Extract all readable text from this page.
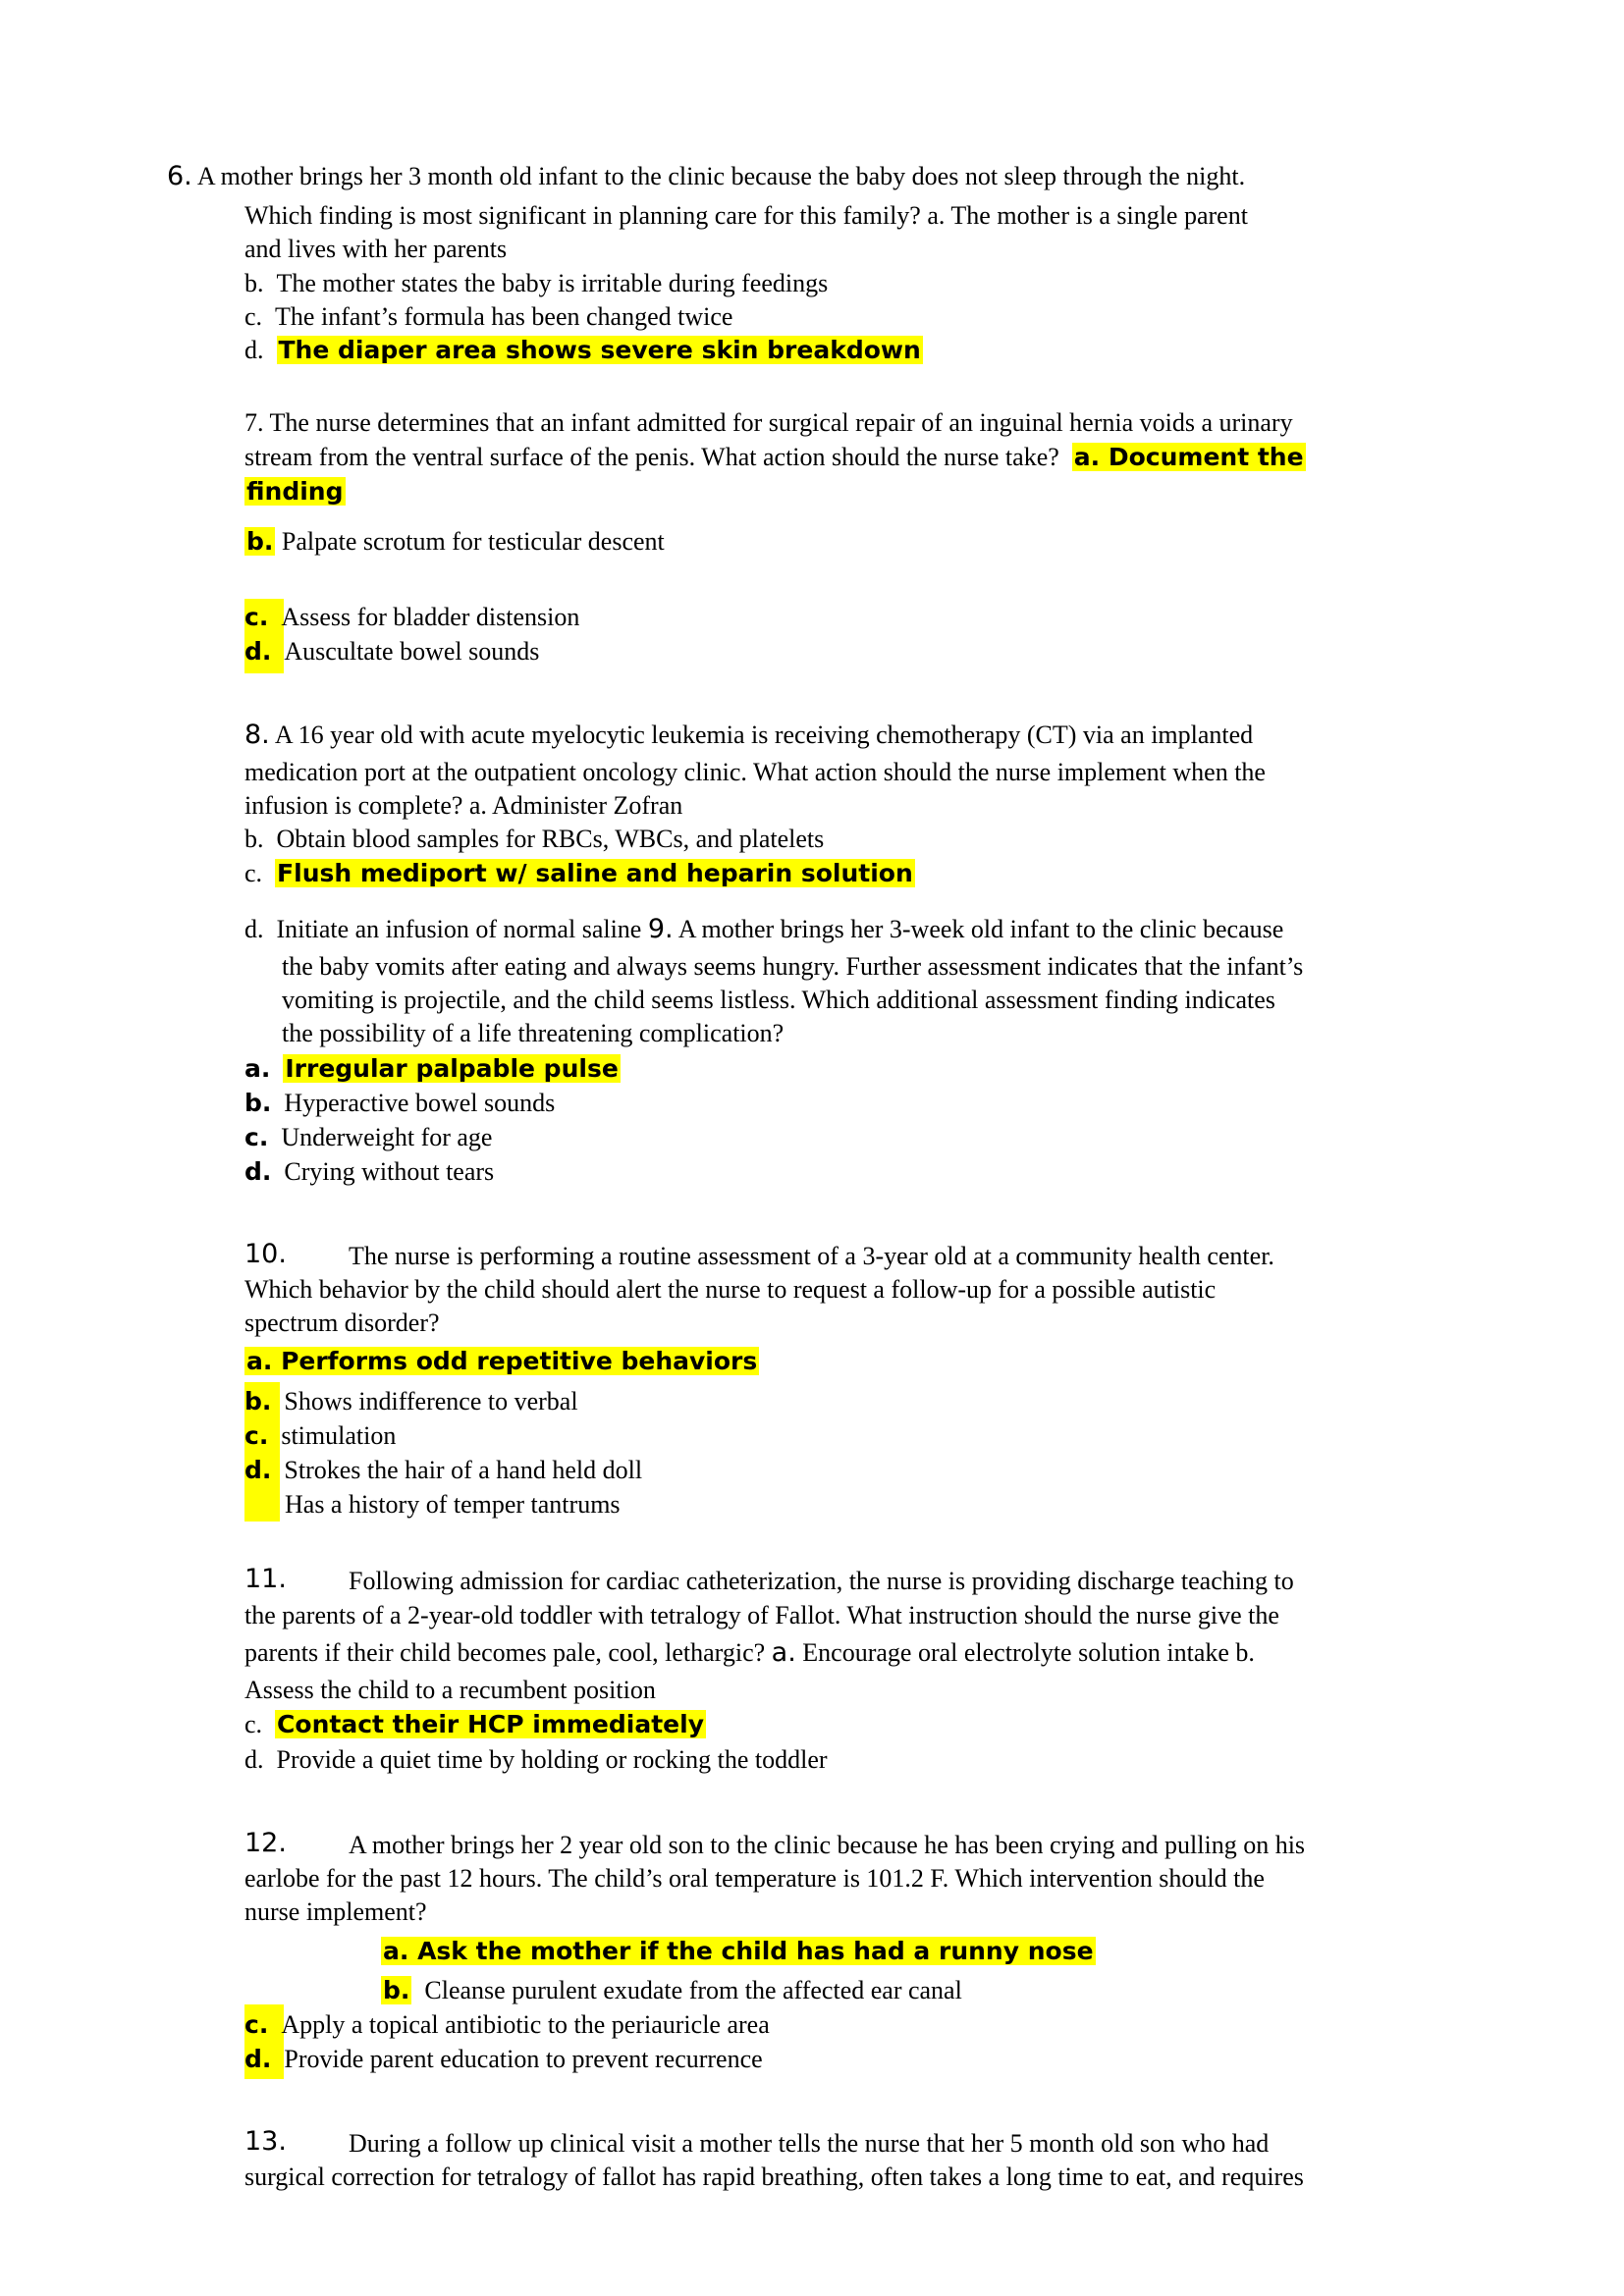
6. A mother brings her 3 month old infant to the clinic because the baby does not sleep through the night.
Which finding is most significant in planning care for this family? a. The mother is a single parent
and lives with her parents
b. The mother states the baby is irritable during feedings
c. The infant’s formula has been changed twice
d. The diaper area shows severe skin breakdown
7. The nurse determines that an infant admitted for surgical repair of an inguinal hernia voids a urinary
stream from the ventral surface of the penis. What action should the nurse take? a. Document the
finding
b. Palpate scrotum for testicular descent
c. Assess for bladder distension
d. Auscultate bowel sounds
8. A 16 year old with acute myelocytic leukemia is receiving chemotherapy (CT) via an implanted
medication port at the outpatient oncology clinic. What action should the nurse implement when the
infusion is complete? a. Administer Zofran
b. Obtain blood samples for RBCs, WBCs, and platelets
c. Flush mediport w/ saline and heparin solution
d. Initiate an infusion of normal saline 9. A mother brings her 3-week old infant to the clinic because
the baby vomits after eating and always seems hungry. Further assessment indicates that the infant’s
vomiting is projectile, and the child seems listless. Which additional assessment finding indicates
the possibility of a life threatening complication?
a. Irregular palpable pulse
b. Hyperactive bowel sounds
c. Underweight for age
d. Crying without tears
10. The nurse is performing a routine assessment of a 3-year old at a community health center.
Which behavior by the child should alert the nurse to request a follow-up for a possible autistic
spectrum disorder?
a. Performs odd repetitive behaviors
b. Shows indifference to verbal
c. stimulation
d. Strokes the hair of a hand held doll
Has a history of temper tantrums
11. Following admission for cardiac catheterization, the nurse is providing discharge teaching to
the parents of a 2-year-old toddler with tetralogy of Fallot. What instruction should the nurse give the
parents if their child becomes pale, cool, lethargic? a. Encourage oral electrolyte solution intake b.
Assess the child to a recumbent position
c. Contact their HCP immediately
d. Provide a quiet time by holding or rocking the toddler
12. A mother brings her 2 year old son to the clinic because he has been crying and pulling on his
earlobe for the past 12 hours. The child’s oral temperature is 101.2 F. Which intervention should the
nurse implement?
a. Ask the mother if the child has had a runny nose
b. Cleanse purulent exudate from the affected ear canal
c. Apply a topical antibiotic to the periauricle area
d. Provide parent education to prevent recurrence
13. During a follow up clinical visit a mother tells the nurse that her 5 month old son who had
surgical correction for tetralogy of fallot has rapid breathing, often takes a long time to eat, and requires
